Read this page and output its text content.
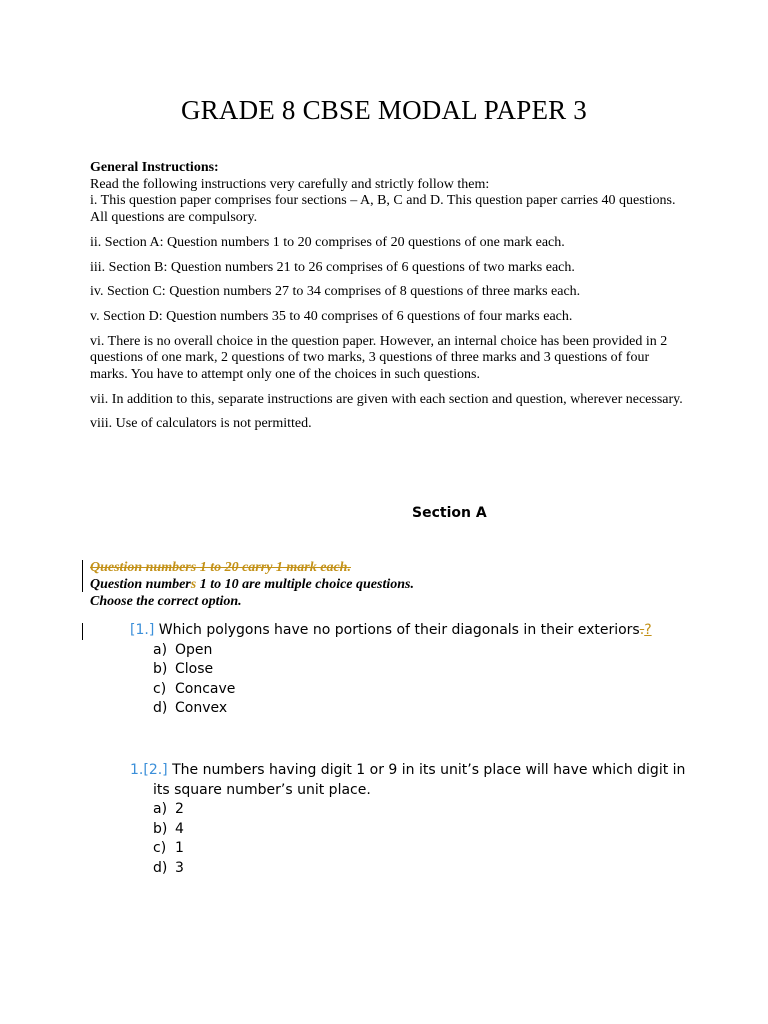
GRADE 8 CBSE MODAL PAPER 3

General Instructions:

Read the following instructions very carefully and strictly follow them:

i. This question paper comprises four sections – A, B, C and D. This question paper carries 40 questions. All questions are compulsory.

ii. Section A: Question numbers 1 to 20 comprises of 20 questions of one mark each.

iii. Section B: Question numbers 21 to 26 comprises of 6 questions of two marks each.

iv. Section C: Question numbers 27 to 34 comprises of 8 questions of three marks each.

v. Section D: Question numbers 35 to 40 comprises of 6 questions of four marks each.

vi. There is no overall choice in the question paper. However, an internal choice has been provided in 2 questions of one mark, 2 questions of two marks, 3 questions of three marks and 3 questions of four marks. You have to attempt only one of the choices in such questions.

vii. In addition to this, separate instructions are given with each section and question, wherever necessary.

viii. Use of calculators is not permitted.

Section A

Question numbers 1 to 20 carry 1 mark each.

Question numbers 1 to 10 are multiple choice questions.

Choose the correct option.

[1.] Which polygons have no portions of their diagonals in their exteriors.?
a) Open
b) Close
c) Concave
d) Convex
1.[2.] The numbers having digit 1 or 9 in its unit’s place will have which digit in its square number’s unit place.
a) 2
b) 4
c) 1
d) 3
